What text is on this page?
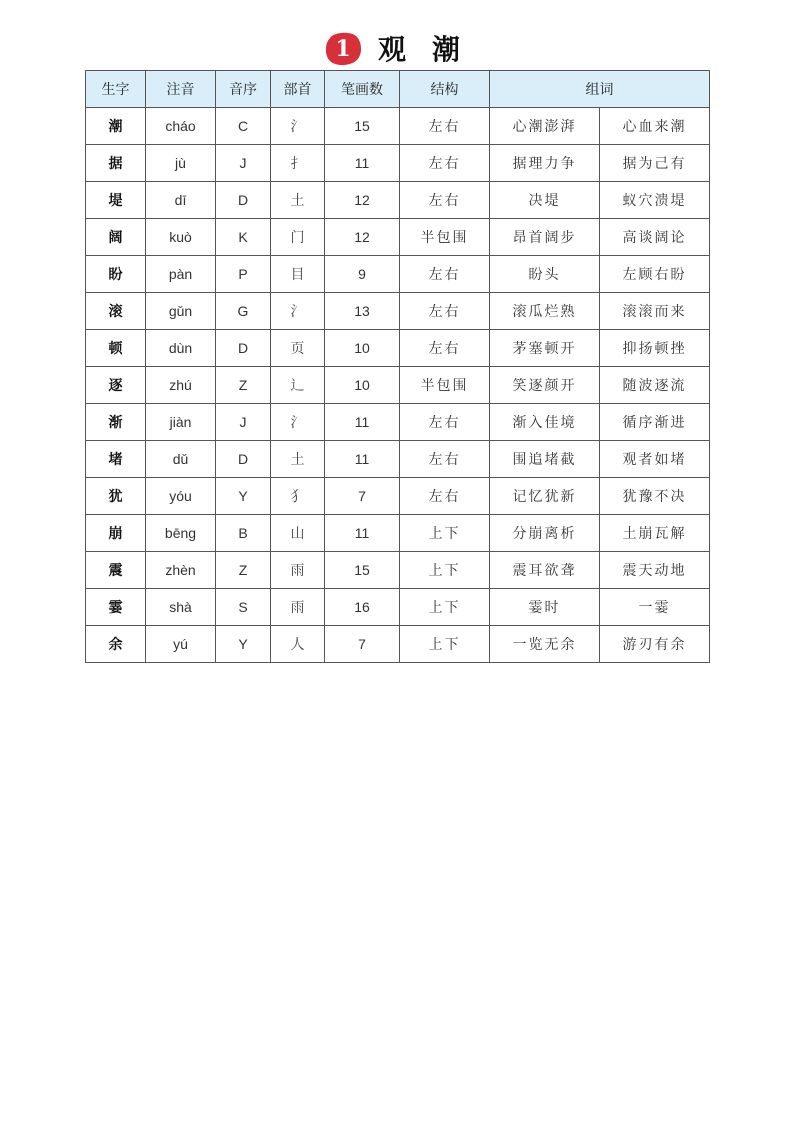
1 观潮
生字	注音	音序	部首	笔画数	结构	组词	
潮	cháo	C	氵	15	左右	心潮澎湃	心血来潮
据	jù	J	扌	11	左右	据理力争	据为己有
堤	dī	D	土	12	左右	决堤	蚁穴溃堤
阔	kuò	K	门	12	半包围	昂首阔步	高谈阔论
盼	pàn	P	目	9	左右	盼头	左顾右盼
滚	gǔn	G	氵	13	左右	滚瓜烂熟	滚滚而来
顿	dùn	D	页	10	左右	茅塞顿开	抑扬顿挫
逐	zhú	Z	辶	10	半包围	笑逐颜开	随波逐流
渐	jiàn	J	氵	11	左右	渐入佳境	循序渐进
堵	dǔ	D	土	11	左右	围追堵截	观者如堵
犹	yóu	Y	犭	7	左右	记忆犹新	犹豫不决
崩	bēng	B	山	11	上下	分崩离析	土崩瓦解
震	zhèn	Z	雨	15	上下	震耳欲聋	震天动地
霎	shà	S	雨	16	上下	霎时	一霎
余	yú	Y	人	7	上下	一览无余	游刃有余
